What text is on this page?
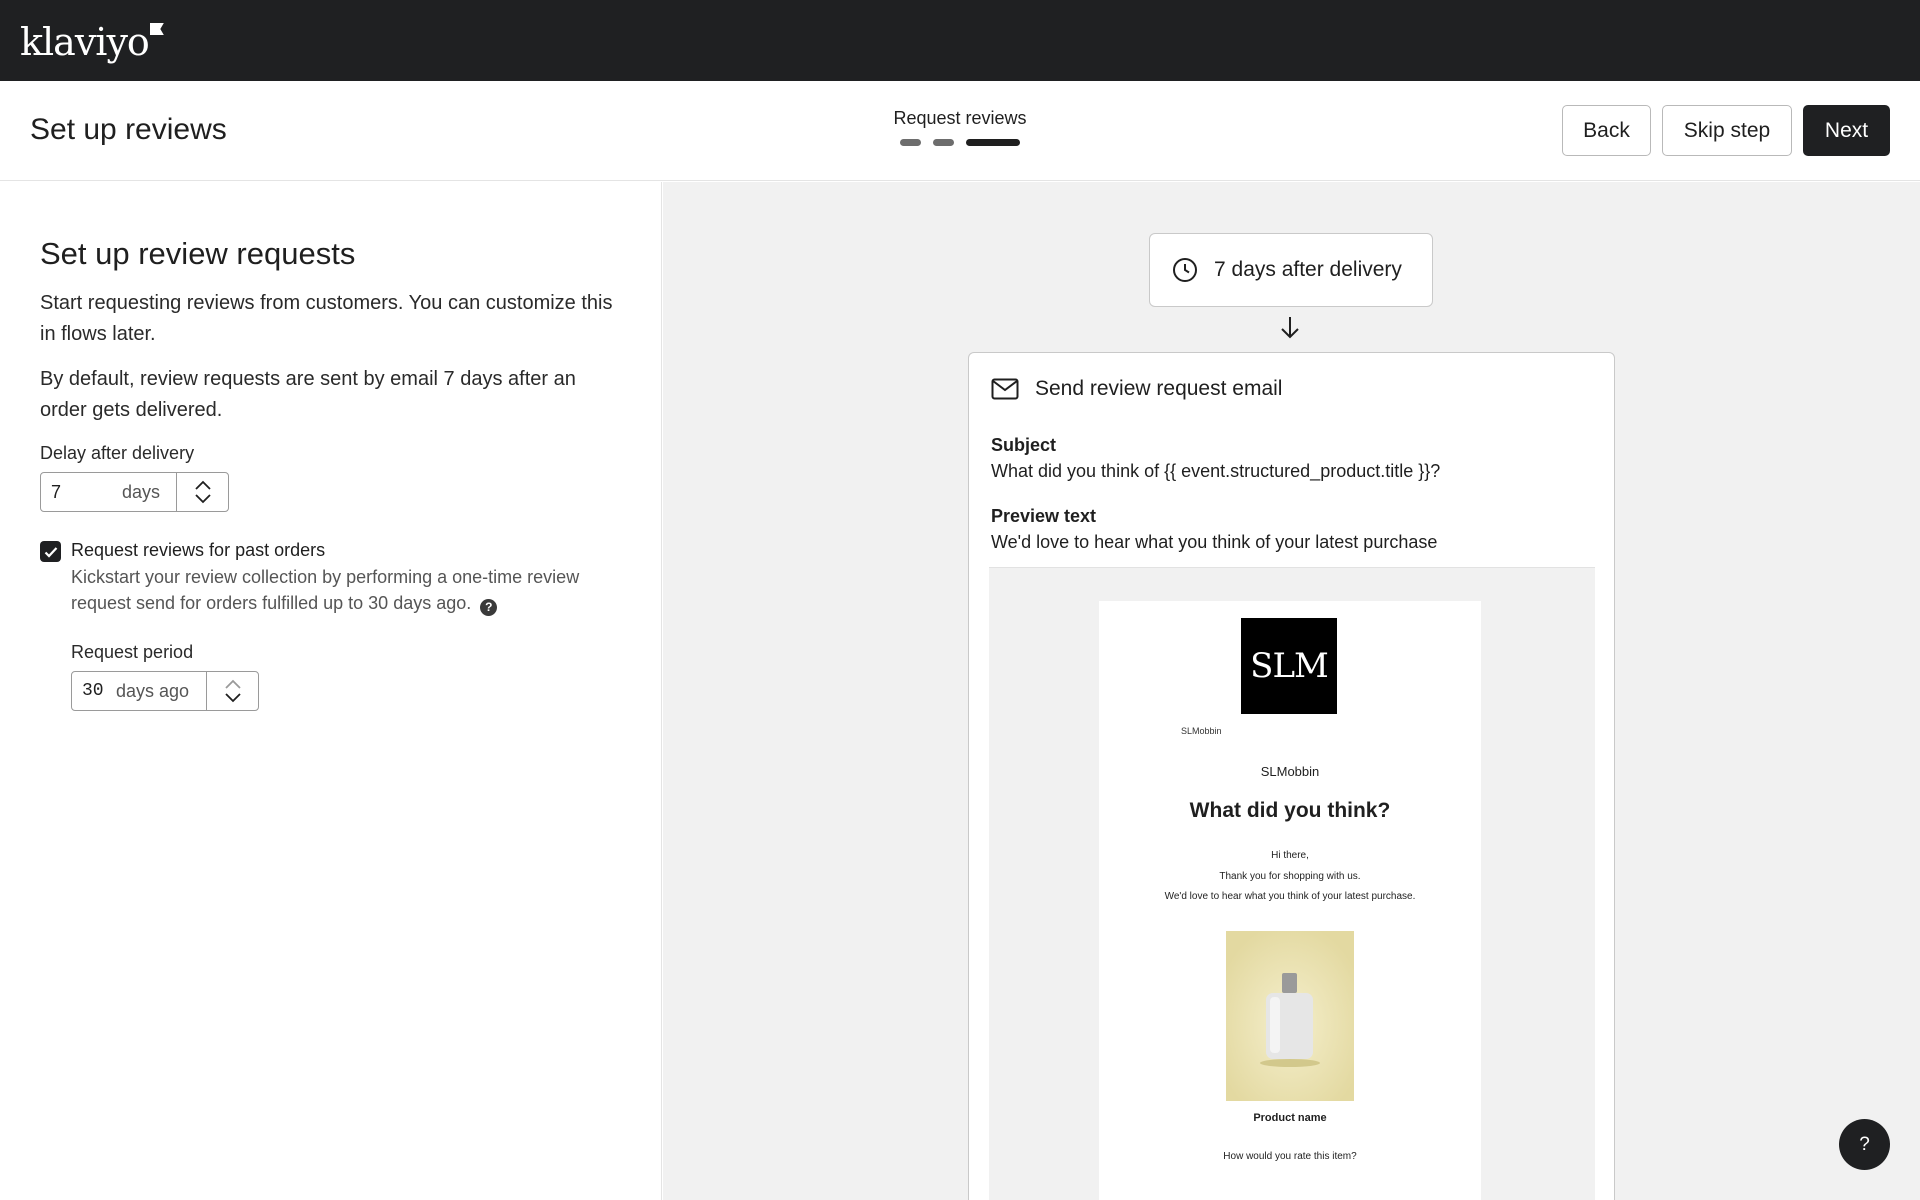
klaviyo
Set up reviews	Request reviews
Back	Skip step	Next
Set up review requests

Start requesting reviews from customers. You can customize this in flows later.

By default, review requests are sent by email 7 days after an order gets delivered.

Delay after delivery
7
days
Request reviews for past orders
Kickstart your review collection by performing a one-time review request send for orders fulfilled up to 30 days ago. ?
Request period
30
days ago
7 days after delivery
Send review request email
Subject
What did you think of {{ event.structured_product.title }}?
Preview text
We'd love to hear what you think of your latest purchase
SLM
SLMobbin
SLMobbin
What did you think?
Hi there,
Thank you for shopping with us.
We'd love to hear what you think of your latest purchase.
Product name
How would you rate this item?
?
